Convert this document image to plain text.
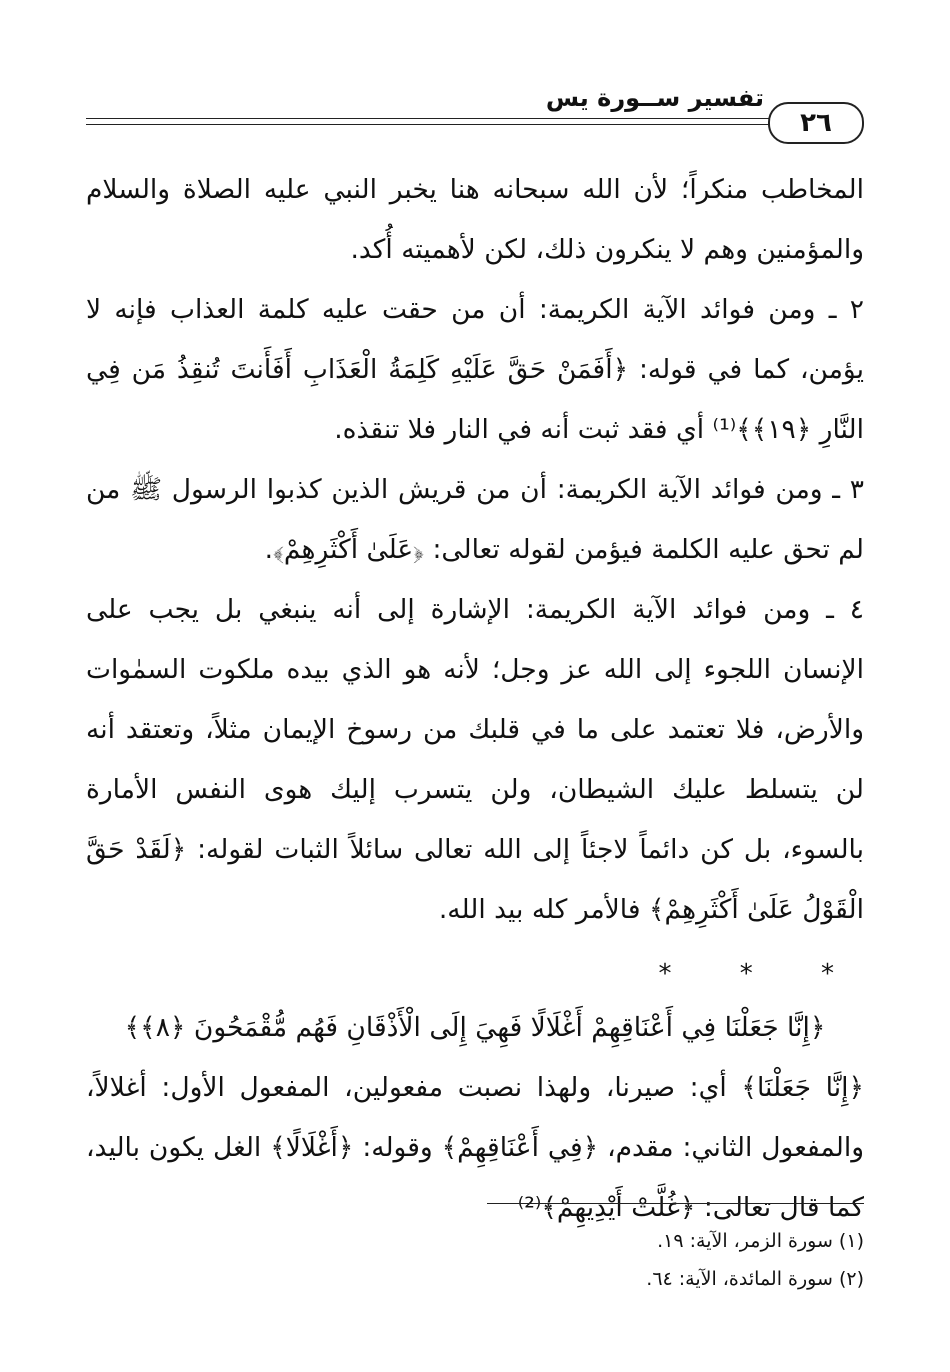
تفسير ســورة يس
٢٦

المخاطب منكراً؛ لأن الله سبحانه هنا يخبر النبي عليه الصلاة والسلام والمؤمنين وهم لا ينكرون ذلك، لكن لأهميته أُكد.

٢ ـ ومن فوائد الآية الكريمة: أن من حقت عليه كلمة العذاب فإنه لا يؤمن، كما في قوله: ﴿أَفَمَنْ حَقَّ عَلَيْهِ كَلِمَةُ الْعَذَابِ أَفَأَنتَ تُنقِذُ مَن فِي النَّارِ ﴿١٩﴾﴾⁽¹⁾ أي فقد ثبت أنه في النار فلا تنقذه.

٣ ـ ومن فوائد الآية الكريمة: أن من قريش الذين كذبوا الرسول ﷺ من لم تحق عليه الكلمة فيؤمن لقوله تعالى: ﴿عَلَىٰ أَكْثَرِهِمْ﴾.

٤ ـ ومن فوائد الآية الكريمة: الإشارة إلى أنه ينبغي بل يجب على الإنسان اللجوء إلى الله عز وجل؛ لأنه هو الذي بيده ملكوت السمٰوات والأرض، فلا تعتمد على ما في قلبك من رسوخ الإيمان مثلاً، وتعتقد أنه لن يتسلط عليك الشيطان، ولن يتسرب إليك هوى النفس الأمارة بالسوء، بل كن دائماً لاجئاً إلى الله تعالى سائلاً الثبات لقوله: ﴿لَقَدْ حَقَّ الْقَوْلُ عَلَىٰ أَكْثَرِهِمْ﴾ فالأمر كله بيد الله.

* * *

﴿إِنَّا جَعَلْنَا فِي أَعْنَاقِهِمْ أَغْلَالًا فَهِيَ إِلَى الْأَذْقَانِ فَهُم مُّقْمَحُونَ ﴿٨﴾﴾

﴿إِنَّا جَعَلْنَا﴾ أي: صيرنا، ولهذا نصبت مفعولين، المفعول الأول: أغلالاً، والمفعول الثاني: مقدم، ﴿فِي أَعْنَاقِهِمْ﴾ وقوله: ﴿أَغْلَالًا﴾ الغل يكون باليد، كما قال تعالى: ﴿غُلَّتْ أَيْدِيهِمْ﴾⁽²⁾

(١) سورة الزمر، الآية: ١٩.
(٢) سورة المائدة، الآية: ٦٤.
